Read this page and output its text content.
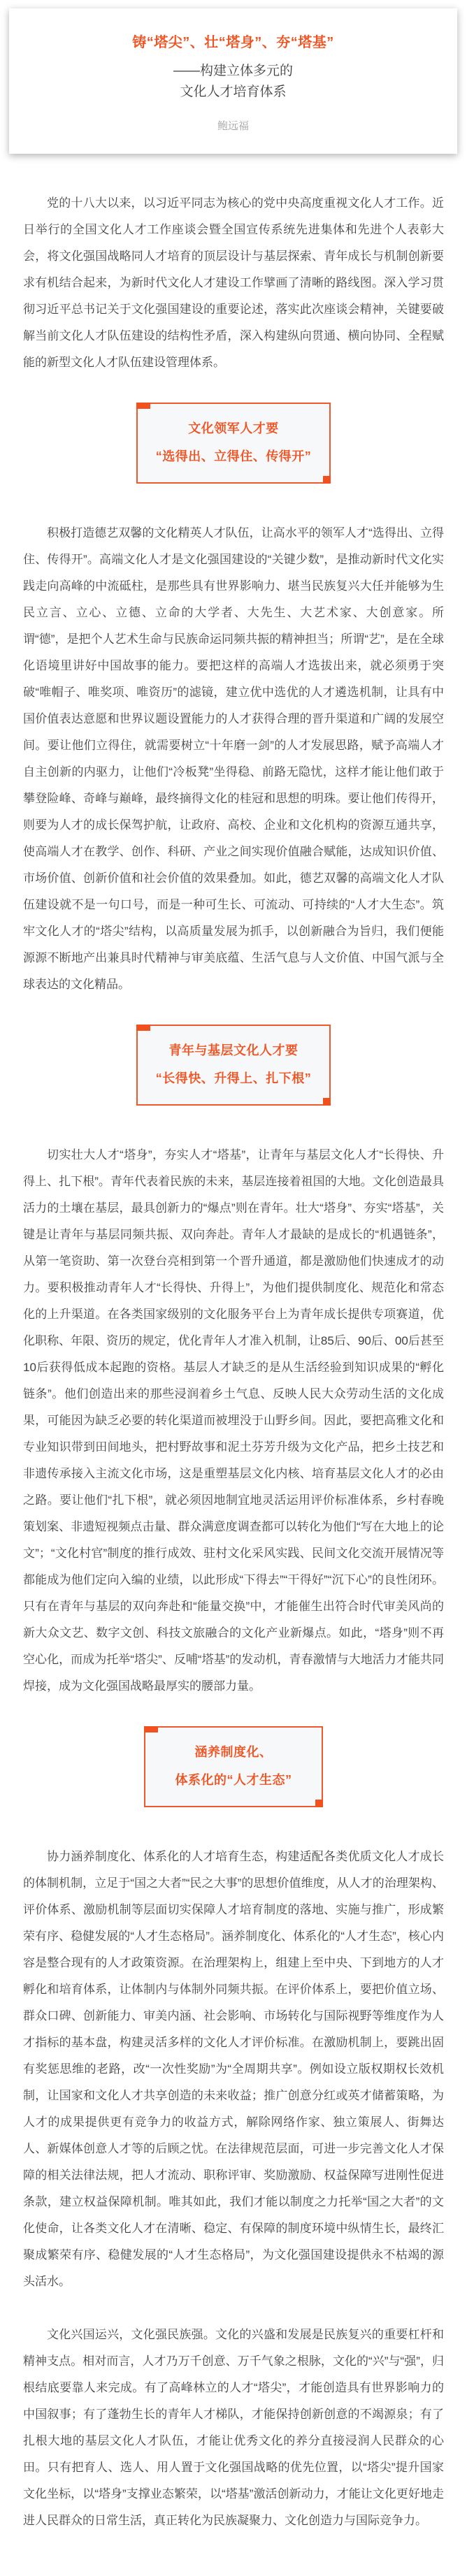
铸“塔尖”、壮“塔身”、夯“塔基”

——构建立体多元的

文化人才培育体系

鲍远福

党的十八大以来，以习近平同志为核心的党中央高度重视文化人才工作。近日举行的全国文化人才工作座谈会暨全国宣传系统先进集体和先进个人表彰大会，将文化强国战略同人才培育的顶层设计与基层探索、青年成长与机制创新要求有机结合起来，为新时代文化人才建设工作擘画了清晰的路线图。深入学习贯彻习近平总书记关于文化强国建设的重要论述，落实此次座谈会精神，关键要破解当前文化人才队伍建设的结构性矛盾，深入构建纵向贯通、横向协同、全程赋能的新型文化人才队伍建设管理体系。

文化领军人才要
“选得出、立得住、传得开”

积极打造德艺双馨的文化精英人才队伍，让高水平的领军人才“选得出、立得住、传得开”。高端文化人才是文化强国建设的“关键少数”，是推动新时代文化实践走向高峰的中流砥柱，是那些具有世界影响力、堪当民族复兴大任并能够为生民立言、立心、立德、立命的大学者、大先生、大艺术家、大创意家。所谓“德”，是把个人艺术生命与民族命运同频共振的精神担当；所谓“艺”，是在全球化语境里讲好中国故事的能力。要把这样的高端人才选拔出来，就必须勇于突破“唯帽子、唯奖项、唯资历”的滤镜，建立优中选优的人才遴选机制，让具有中国价值表达意愿和世界议题设置能力的人才获得合理的晋升渠道和广阔的发展空间。要让他们立得住，就需要树立“十年磨一剑”的人才发展思路，赋予高端人才自主创新的内驱力，让他们“冷板凳”坐得稳、前路无隐忧，这样才能让他们敢于攀登险峰、奇峰与巅峰，最终摘得文化的桂冠和思想的明珠。要让他们传得开，则要为人才的成长保驾护航，让政府、高校、企业和文化机构的资源互通共享，使高端人才在教学、创作、科研、产业之间实现价值融合赋能，达成知识价值、市场价值、创新价值和社会价值的效果叠加。如此，德艺双馨的高端文化人才队伍建设就不是一句口号，而是一种可生长、可流动、可持续的“人才大生态”。筑牢文化人才的“塔尖”结构，以高质量发展为抓手，以创新融合为旨归，我们便能源源不断地产出兼具时代精神与审美底蕴、生活气息与人文价值、中国气派与全球表达的文化精品。

青年与基层文化人才要
“长得快、升得上、扎下根”

切实壮大人才“塔身”，夯实人才“塔基”，让青年与基层文化人才“长得快、升得上、扎下根”。青年代表着民族的未来，基层连接着祖国的大地。文化创造最具活力的土壤在基层，最具创新力的“爆点”则在青年。壮大“塔身”、夯实“塔基”，关键是让青年与基层同频共振、双向奔赴。青年人才最缺的是成长的“机遇链条”，从第一笔资助、第一次登台亮相到第一个晋升通道，都是激励他们快速成才的动力。要积极推动青年人才“长得快、升得上”，为他们提供制度化、规范化和常态化的上升渠道。在各类国家级别的文化服务平台上为青年成长提供专项赛道，优化职称、年限、资历的规定，优化青年人才准入机制，让85后、90后、00后甚至10后获得低成本起跑的资格。基层人才缺乏的是从生活经验到知识成果的“孵化链条”。他们创造出来的那些浸润着乡土气息、反映人民大众劳动生活的文化成果，可能因为缺乏必要的转化渠道而被埋没于山野乡间。因此，要把高雅文化和专业知识带到田间地头，把村野故事和泥土芬芳升级为文化产品，把乡土技艺和非遗传承接入主流文化市场，这是重塑基层文化内核、培育基层文化人才的必由之路。要让他们“扎下根”，就必须因地制宜地灵活运用评价标准体系，乡村春晚策划案、非遗短视频点击量、群众满意度调查都可以转化为他们“写在大地上的论文”；“文化村官”制度的推行成效、驻村文化采风实践、民间文化交流开展情况等都能成为他们定向入编的业绩，以此形成“下得去”“干得好”“沉下心”的良性闭环。只有在青年与基层的双向奔赴和“能量交换”中，才能催生出符合时代审美风尚的新大众文艺、数字文创、科技文旅融合的文化产业新爆点。如此，“塔身”则不再空心化，而成为托举“塔尖”、反哺“塔基”的发动机，青春激情与大地活力才能共同焊接，成为文化强国战略最厚实的腰部力量。

涵养制度化、
体系化的“人才生态”

协力涵养制度化、体系化的人才培育生态，构建适配各类优质文化人才成长的体制机制，立足于“国之大者”“民之大事”的思想价值维度，从人才的治理架构、评价体系、激励机制等层面切实保障人才培育制度的落地、实施与推广，形成繁荣有序、稳健发展的“人才生态格局”。涵养制度化、体系化的“人才生态”，核心内容是整合现有的人才政策资源。在治理架构上，组建上至中央、下到地方的人才孵化和培育体系，让体制内与体制外同频共振。在评价体系上，要把价值立场、群众口碑、创新能力、审美内涵、社会影响、市场转化与国际视野等维度作为人才指标的基本盘，构建灵活多样的文化人才评价标准。在激励机制上，要跳出固有奖惩思维的老路，改“一次性奖励”为“全周期共享”。例如设立版权期权长效机制，让国家和文化人才共享创造的未来收益；推广创意分红或英才储蓄策略，为人才的成果提供更有竞争力的收益方式，解除网络作家、独立策展人、街舞达人、新媒体创意人才等的后顾之忧。在法律规范层面，可进一步完善文化人才保障的相关法律法规，把人才流动、职称评审、奖励激励、权益保障写进刚性促进条款，建立权益保障机制。唯其如此，我们才能以制度之力托举“国之大者”的文化使命，让各类文化人才在清晰、稳定、有保障的制度环境中纵情生长，最终汇聚成繁荣有序、稳健发展的“人才生态格局”，为文化强国建设提供永不枯竭的源头活水。

文化兴国运兴，文化强民族强。文化的兴盛和发展是民族复兴的重要杠杆和精神支点。相对而言，人才乃万千创意、万千气象之根脉，文化的“兴”与“强”，归根结底要靠人来完成。有了高峰林立的人才“塔尖”，才能创造具有世界影响力的中国叙事；有了蓬勃生长的青年人才梯队，才能保持创新创意的不竭源泉；有了扎根大地的基层文化人才队伍，才能让优秀文化的养分直接浸润人民群众的心田。只有把育人、选人、用人置于文化强国战略的优先位置，以“塔尖”提升国家文化坐标，以“塔身”支撑业态繁荣，以“塔基”激活创新动力，才能让文化更好地走进人民群众的日常生活，真正转化为民族凝聚力、文化创造力与国际竞争力。
